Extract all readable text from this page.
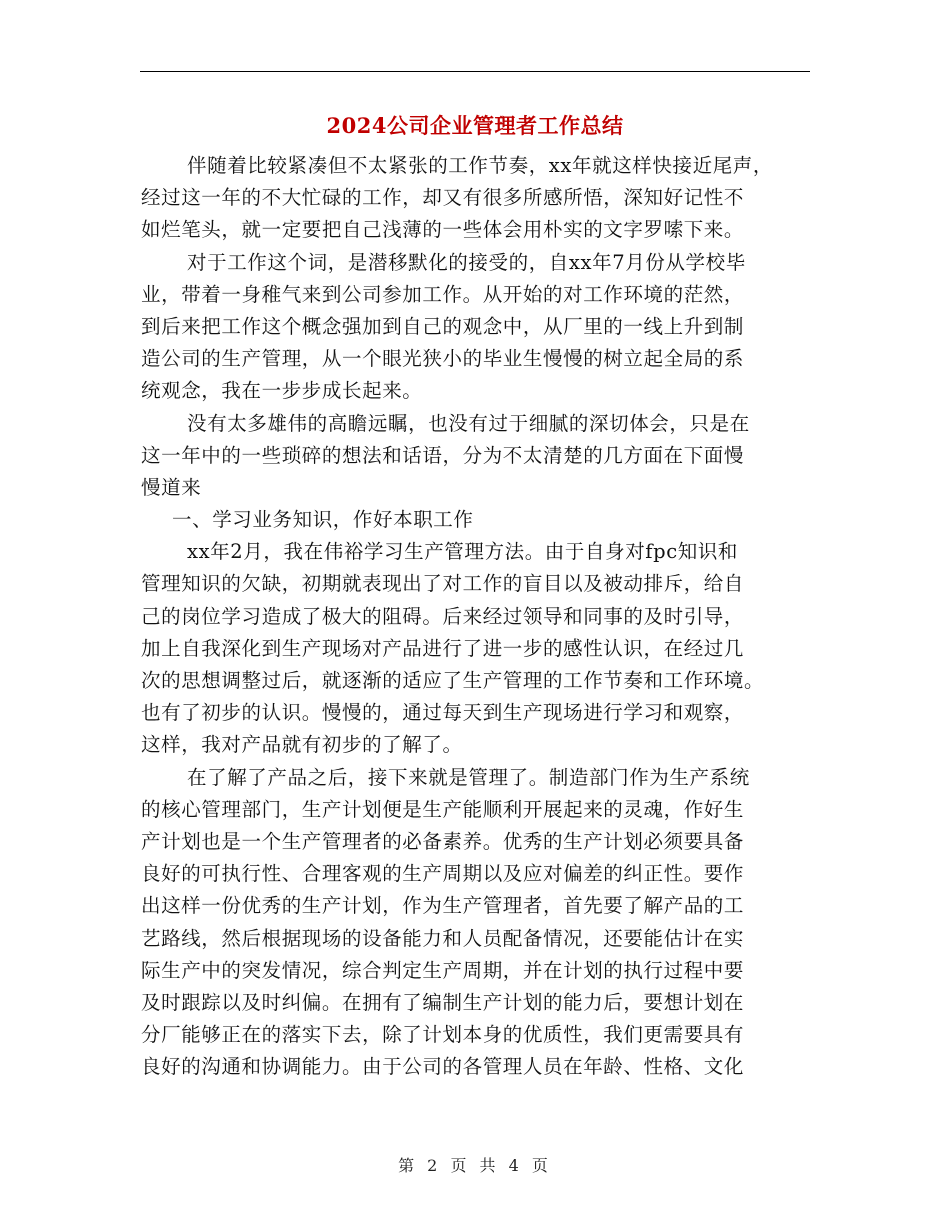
2024公司企业管理者工作总结
伴随着比较紧凑但不太紧张的工作节奏，xx年就这样快接近尾声，
经过这一年的不大忙碌的工作，却又有很多所感所悟，深知好记性不
如烂笔头，就一定要把自己浅薄的一些体会用朴实的文字罗嗦下来。
对于工作这个词，是潜移默化的接受的，自xx年7月份从学校毕
业，带着一身稚气来到公司参加工作。从开始的对工作环境的茫然，
到后来把工作这个概念强加到自己的观念中，从厂里的一线上升到制
造公司的生产管理，从一个眼光狭小的毕业生慢慢的树立起全局的系
统观念，我在一步步成长起来。
没有太多雄伟的高瞻远瞩，也没有过于细腻的深切体会，只是在
这一年中的一些琐碎的想法和话语，分为不太清楚的几方面在下面慢
慢道来
一、学习业务知识，作好本职工作
xx年2月，我在伟裕学习生产管理方法。由于自身对fpc知识和
管理知识的欠缺，初期就表现出了对工作的盲目以及被动排斥，给自
己的岗位学习造成了极大的阻碍。后来经过领导和同事的及时引导，
加上自我深化到生产现场对产品进行了进一步的感性认识，在经过几
次的思想调整过后，就逐渐的适应了生产管理的工作节奏和工作环境。
也有了初步的认识。慢慢的，通过每天到生产现场进行学习和观察，
这样，我对产品就有初步的了解了。
在了解了产品之后，接下来就是管理了。制造部门作为生产系统
的核心管理部门，生产计划便是生产能顺利开展起来的灵魂，作好生
产计划也是一个生产管理者的必备素养。优秀的生产计划必须要具备
良好的可执行性、合理客观的生产周期以及应对偏差的纠正性。要作
出这样一份优秀的生产计划，作为生产管理者，首先要了解产品的工
艺路线，然后根据现场的设备能力和人员配备情况，还要能估计在实
际生产中的突发情况，综合判定生产周期，并在计划的执行过程中要
及时跟踪以及时纠偏。在拥有了编制生产计划的能力后，要想计划在
分厂能够正在的落实下去，除了计划本身的优质性，我们更需要具有
良好的沟通和协调能力。由于公司的各管理人员在年龄、性格、文化
第 2 页 共 4 页
